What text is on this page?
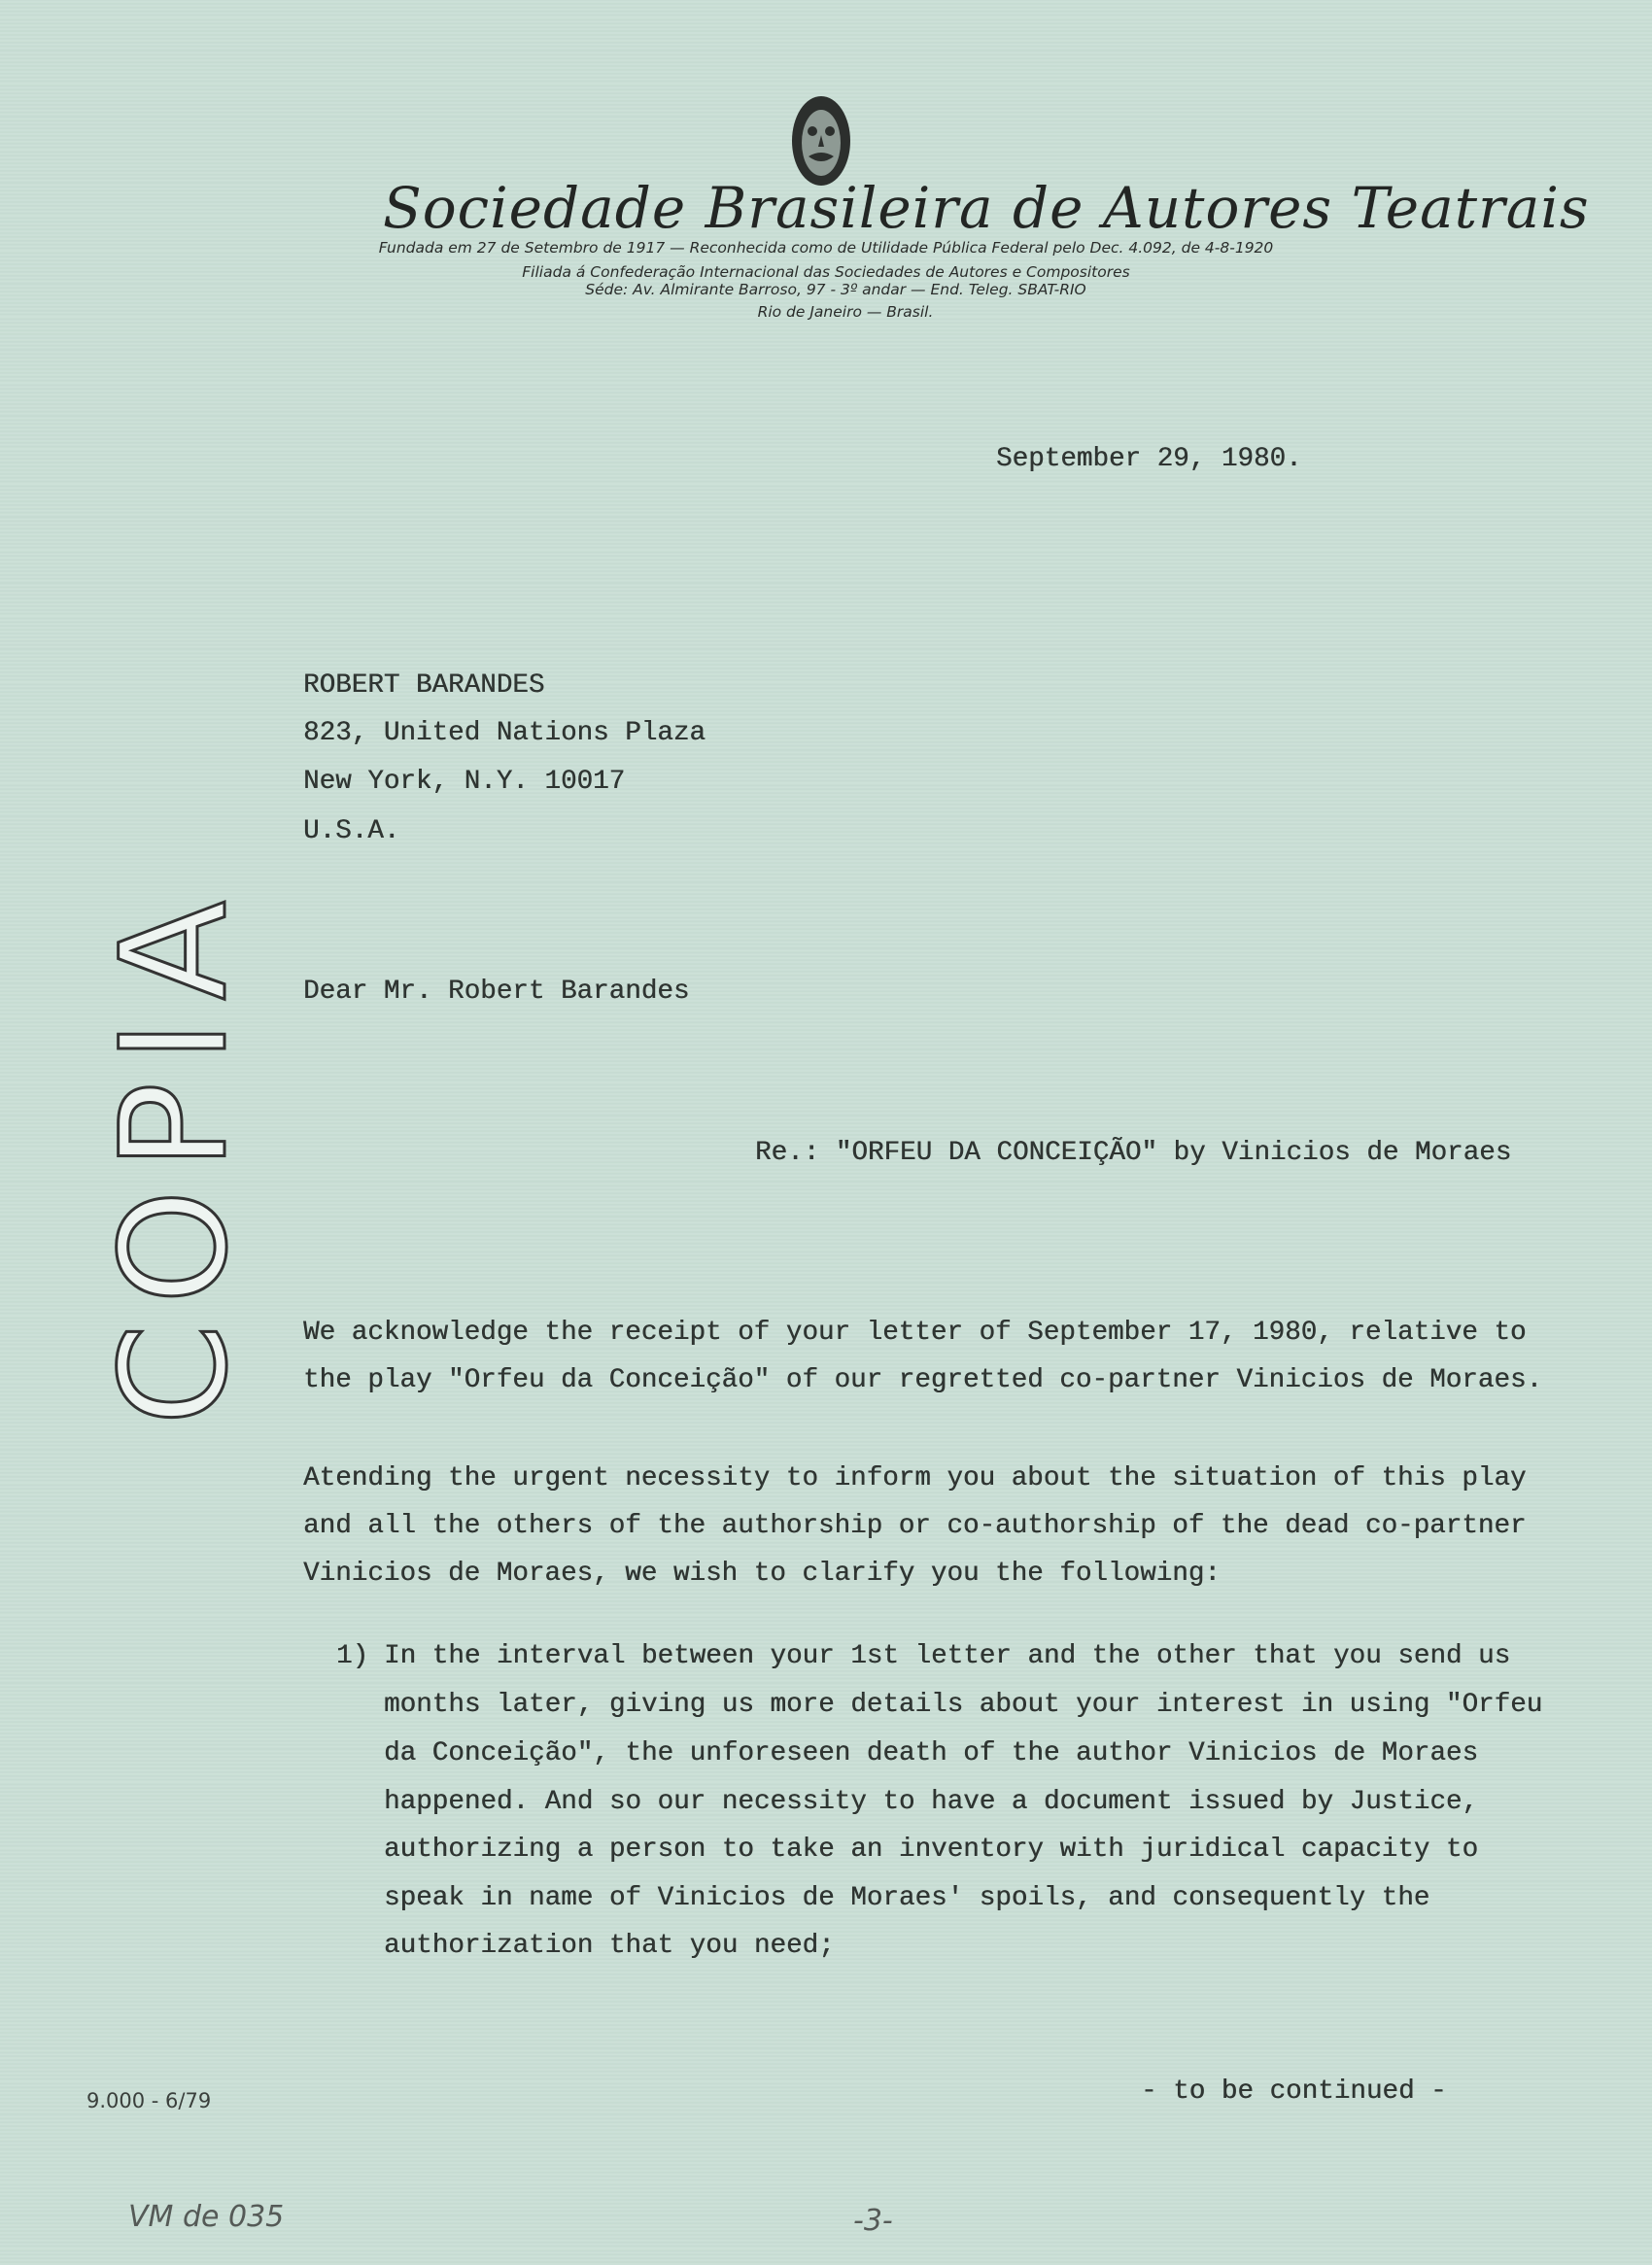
Sociedade Brasileira de Autores Teatrais
Fundada em 27 de Setembro de 1917 — Reconhecida como de Utilidade Pública Federal pelo Dec. 4.092, de 4-8-1920
Filiada á Confederação Internacional das Sociedades de Autores e Compositores
Séde: Av. Almirante Barroso, 97 - 3º andar — End. Teleg. SBAT-RIO
Rio de Janeiro — Brasil.
September 29, 1980.
ROBERT BARANDES
823, United Nations Plaza
New York, N.Y. 10017
U.S.A.
COPIA Dear Mr. Robert Barandes
Re.: "ORFEU DA CONCEIÇÃO" by Vinicios de Moraes
We acknowledge the receipt of your letter of September 17, 1980, relative to
the play "Orfeu da Conceição" of our regretted co-partner Vinicios de Moraes.
Atending the urgent necessity to inform you about the situation of this play
and all the others of the authorship or co-authorship of the dead co-partner
Vinicios de Moraes, we wish to clarify you the following:
1) In the interval between your 1st letter and the other that you send us
months later, giving us more details about your interest in using "Orfeu
da Conceição", the unforeseen death of the author Vinicios de Moraes
happened. And so our necessity to have a document issued by Justice,
authorizing a person to take an inventory with juridical capacity to
speak in name of Vinicios de Moraes' spoils, and consequently the
authorization that you need;
- to be continued -
9.000 - 6/79
VM de 035	-3-
